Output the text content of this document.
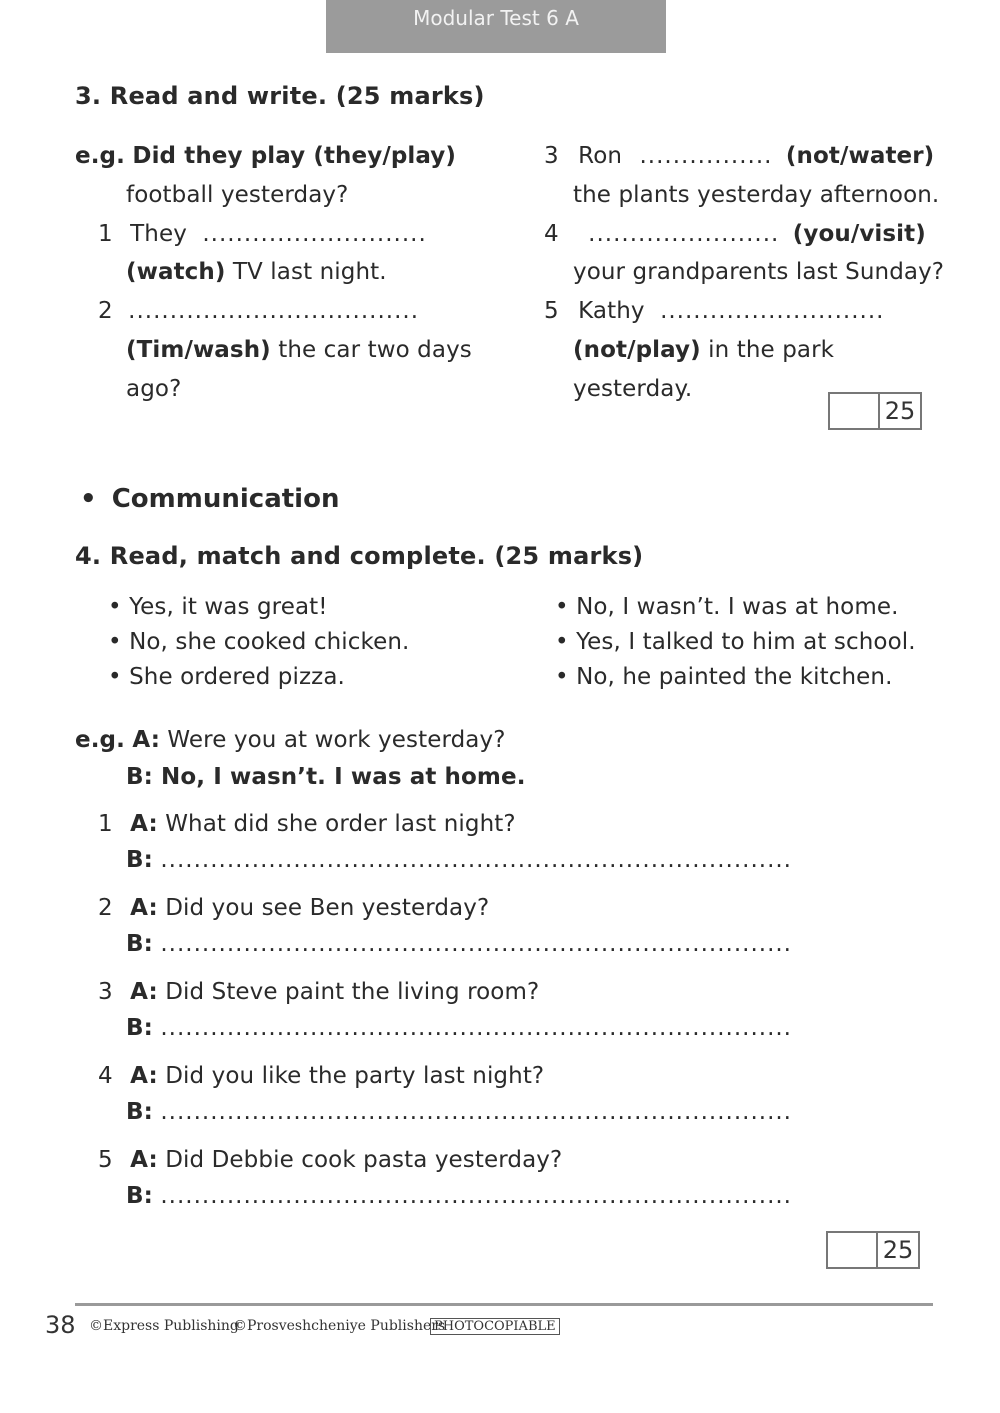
Modular Test 6 A
3. Read and write. (25 marks)
e.g. Did they play (they/play)
football yesterday?
1 They ...........................
(watch) TV last night.
2 ...................................
(Tim/wash) the car two days
ago?
3 Ron ................ (not/water)
the plants yesterday afternoon.
4 ....................... (you/visit)
your grandparents last Sunday?
5 Kathy ...........................
(not/play) in the park
yesterday.
25
• Communication
4. Read, match and complete. (25 marks)
• Yes, it was great!
• No, she cooked chicken.
• She ordered pizza.
• No, I wasn’t. I was at home.
• Yes, I talked to him at school.
• No, he painted the kitchen.
e.g. A: Were you at work yesterday?
B: No, I wasn’t. I was at home.
1 A: What did she order last night?
B: ............................................................................
2 A: Did you see Ben yesterday?
B: ............................................................................
3 A: Did Steve paint the living room?
B: ............................................................................
4 A: Did you like the party last night?
B: ............................................................................
5 A: Did Debbie cook pasta yesterday?
B: ............................................................................
25
38 ©Express Publishing
©Prosveshcheniye Publishers
PHOTOCOPIABLE
